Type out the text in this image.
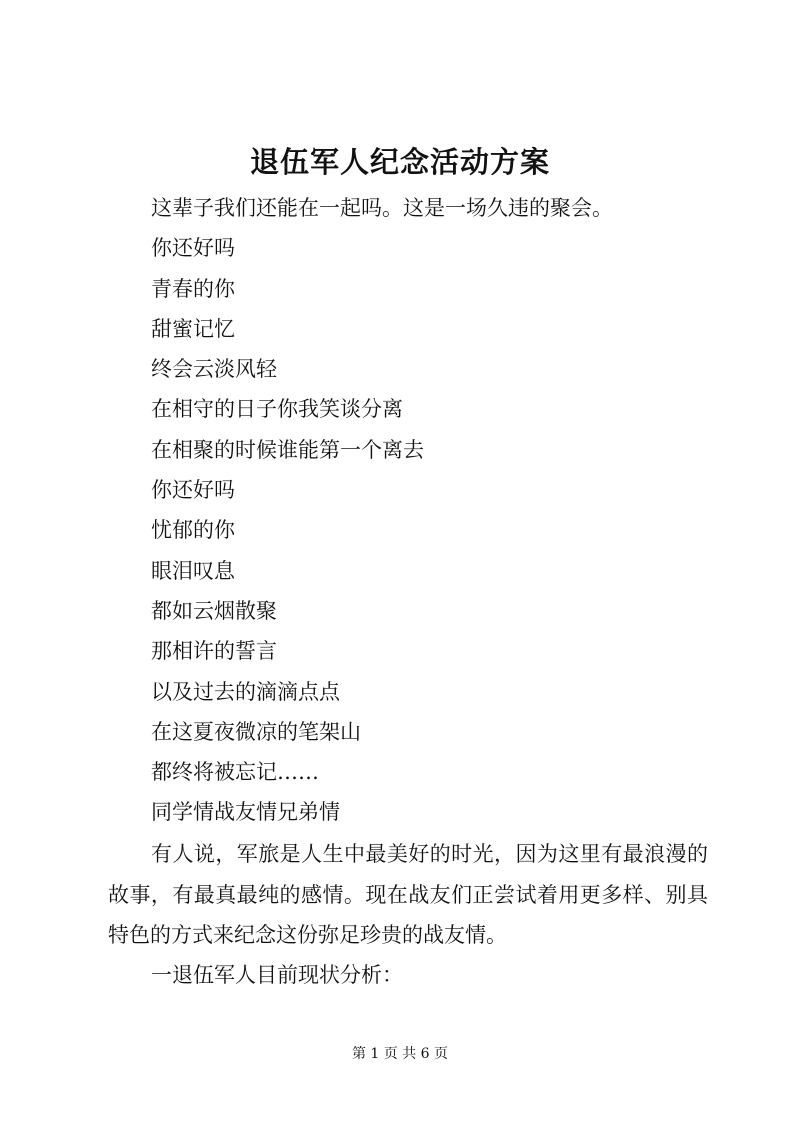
退伍军人纪念活动方案
这辈子我们还能在一起吗。这是一场久违的聚会。
你还好吗
青春的你
甜蜜记忆
终会云淡风轻
在相守的日子你我笑谈分离
在相聚的时候谁能第一个离去
你还好吗
忧郁的你
眼泪叹息
都如云烟散聚
那相许的誓言
以及过去的滴滴点点
在这夏夜微凉的笔架山
都终将被忘记……
同学情战友情兄弟情
有人说，军旅是人生中最美好的时光，因为这里有最浪漫的故事，有最真最纯的感情。现在战友们正尝试着用更多样、别具特色的方式来纪念这份弥足珍贵的战友情。
一退伍军人目前现状分析：
第 1 页 共 6 页
